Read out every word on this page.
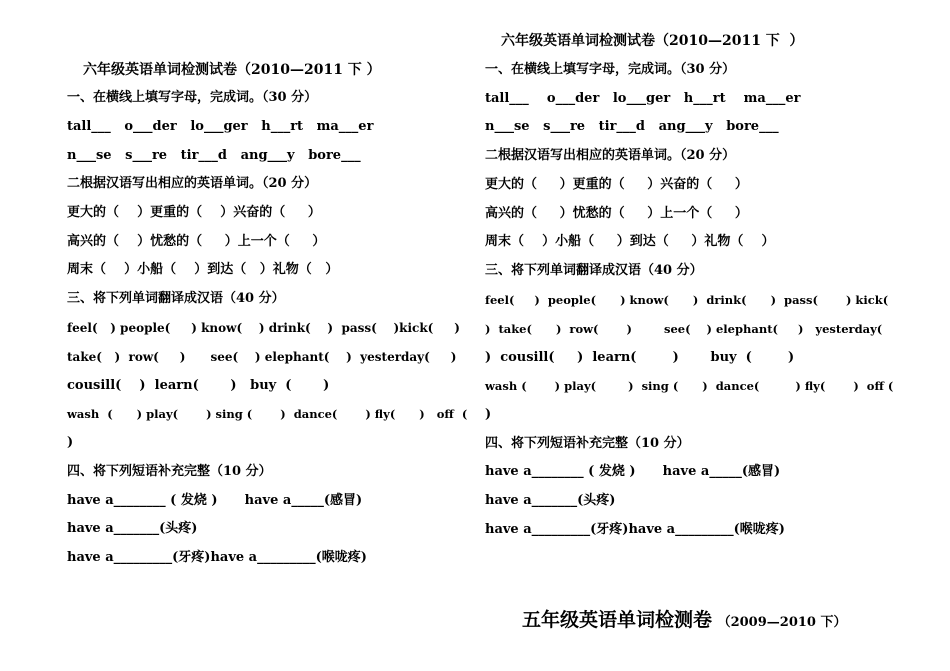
六年级英语单词检测试卷（2010—2011 下 ）
一、在横线上填写字母，完成词。（30 分）
tall___   o___der   lo___ger   h___rt   ma___er
n___se   s___re   tir___d   ang___y   bore___
二根据汉语写出相应的英语单词。（20 分）
更大的（    ）更重的（    ）兴奋的（     ）
高兴的（    ）忧愁的（     ）上一个（     ）
周末（    ）小船（    ）到达（   ）礼物（   ）
三、将下列单词翻译成汉语（40 分）
feel(   ) people(     ) know(    ) drink(    )  pass(    )kick(     )
take(   )  row(     )      see(    ) elephant(    )  yesterday(     )
cousill(    )  learn(       )   buy  (       )
wash  (      ) play(       ) sing (       )  dance(       ) fly(      )   off  (
)
四、将下列短语补充完整（10 分）
have a________ ( 发烧 )      have a_____(感冒)
have a_______(头疼)
have a_________(牙疼)have a_________(喉咙疼)
六年级英语单词检测试卷（2010—2011 下  ）
一、在横线上填写字母，完成词。（30 分）
tall___    o___der   lo___ger   h___rt    ma___er
n___se   s___re   tir___d   ang___y   bore___
二根据汉语写出相应的英语单词。（20 分）
更大的（     ）更重的（     ）兴奋的（     ）
高兴的（     ）忧愁的（     ）上一个（     ）
周末（    ）小船（     ）到达（     ）礼物（    ）
三、将下列单词翻译成汉语（40 分）
feel(     )  people(      ) know(      )  drink(      )  pass(       ) kick(
)  take(      )  row(       )        see(    ) elephant(     )   yesterday(
)  cousill(     )  learn(        )       buy  (        )
wash (       ) play(        )  sing (      )  dance(         ) fly(       )  off (
)
四、将下列短语补充完整（10 分）
have a________ ( 发烧 )      have a_____(感冒)
have a_______(头疼)
have a_________(牙疼)have a_________(喉咙疼)
五年级英语单词检测卷 （2009—2010 下）
